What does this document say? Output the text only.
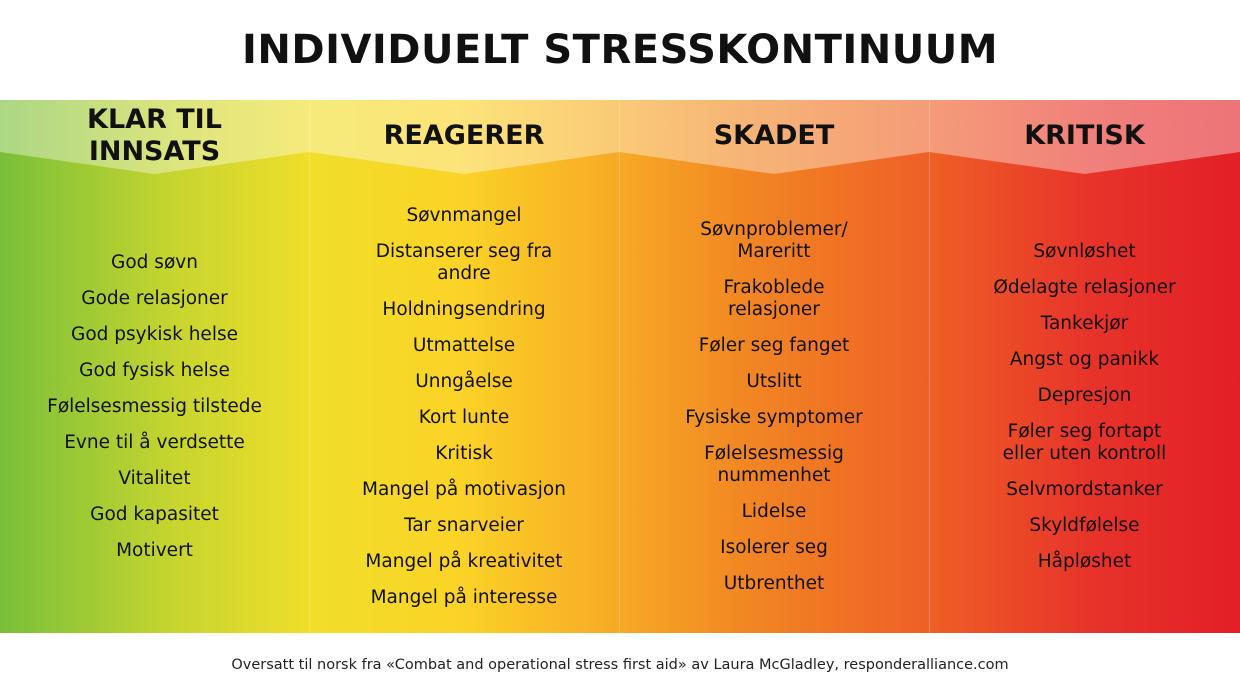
INDIVIDUELT STRESSKONTINUUM
KLAR TIL
INNSATS
God søvn
Gode relasjoner
God psykisk helse
God fysisk helse
Følelsesmessig tilstede
Evne til å verdsette
Vitalitet
God kapasitet
Motivert
REAGERER
Søvnmangel
Distanserer seg fra
andre
Holdningsendring
Utmattelse
Unngåelse
Kort lunte
Kritisk
Mangel på motivasjon
Tar snarveier
Mangel på kreativitet
Mangel på interesse
SKADET
Søvnproblemer/
Mareritt
Frakoblede
relasjoner
Føler seg fanget
Utslitt
Fysiske symptomer
Følelsesmessig
nummenhet
Lidelse
Isolerer seg
Utbrenthet
KRITISK
Søvnløshet
Ødelagte relasjoner
Tankekjør
Angst og panikk
Depresjon
Føler seg fortapt
eller uten kontroll
Selvmordstanker
Skyldfølelse
Håpløshet
Oversatt til norsk fra «Combat and operational stress first aid» av Laura McGladley, responderalliance.com
